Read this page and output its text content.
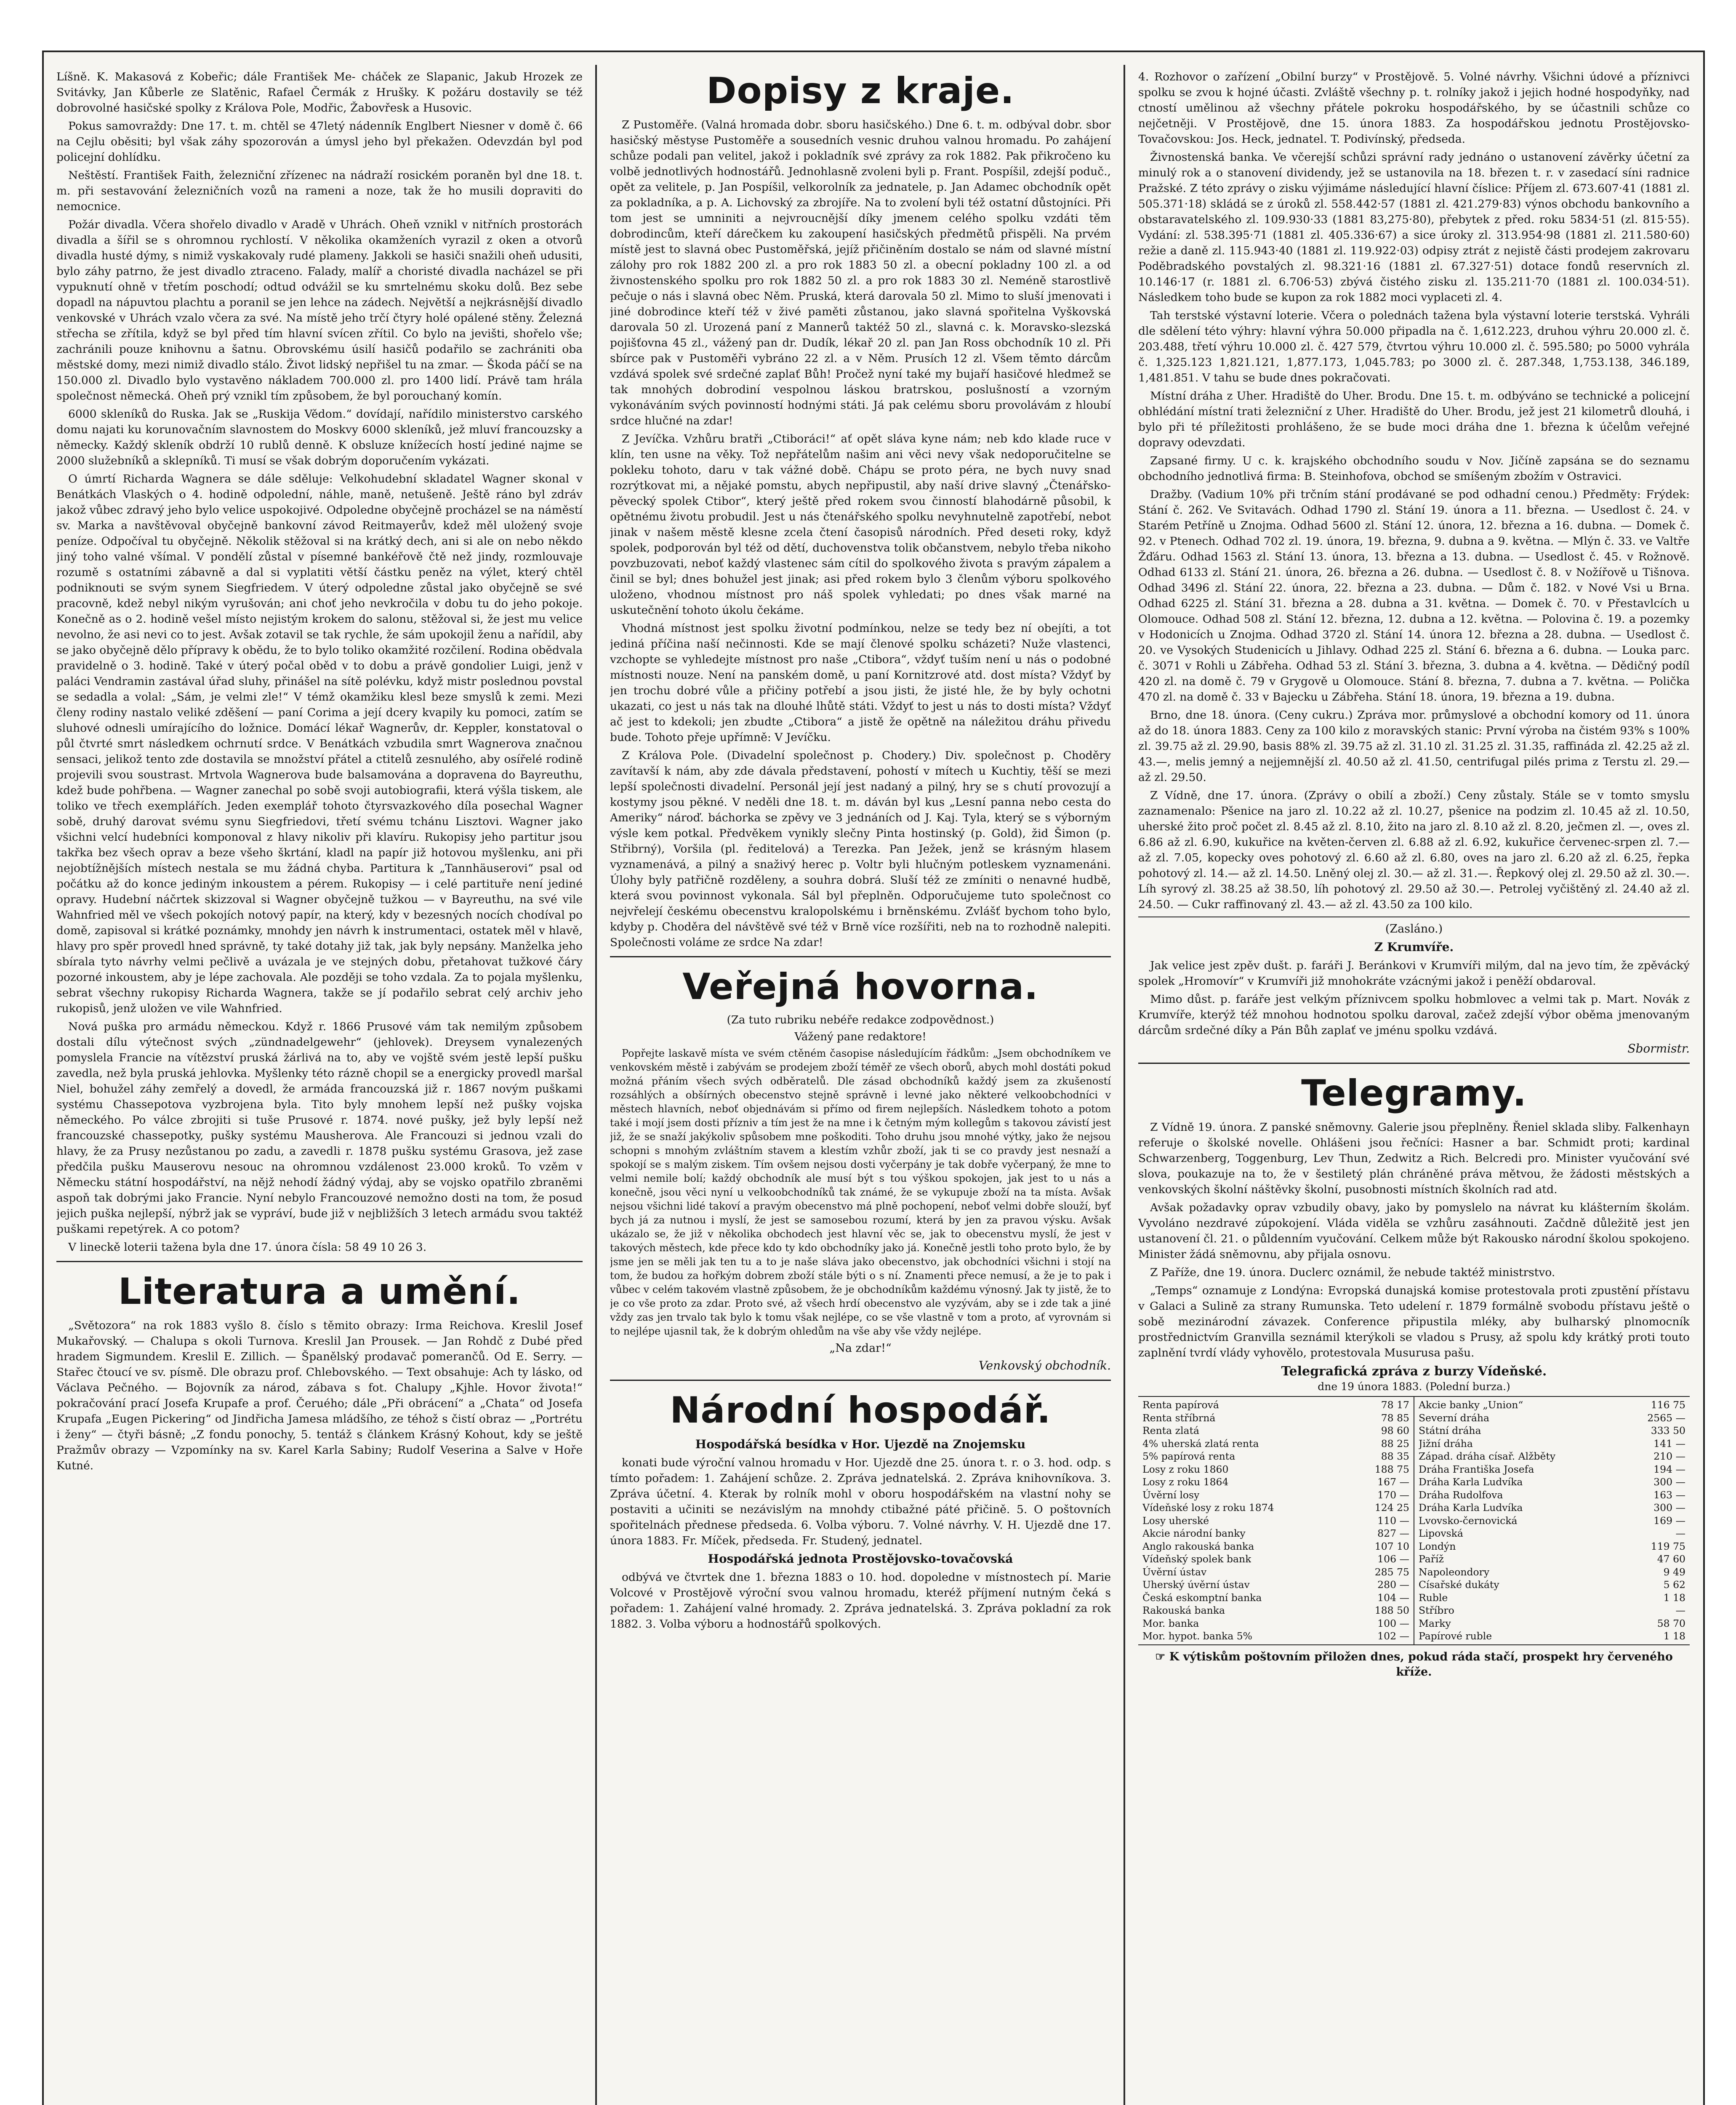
Líšně. K. Makasová z Kobeřic; dále František Me- cháček ze Slapanic, Jakub Hrozek ze Svitávky, Jan Kůberle ze Slatěnic, Rafael Čermák z Hrušky. K požáru dostavily se též dobrovolné hasičské spolky z Králova Pole, Modřic, Žabovřesk a Husovic.

Pokus samovraždy: Dne 17. t. m. chtěl se 47letý nádenník Englbert Niesner v domě č. 66 na Cejlu oběsiti; byl však záhy spozorován a úmysl jeho byl překažen. Odevzdán byl pod policejní dohlídku.

Neštěstí. František Faith, železniční zřízenec na nádraží rosickém poraněn byl dne 18. t. m. při sestavování železničních vozů na rameni a noze, tak že ho musili dopraviti do nemocnice.

Požár divadla. Včera shořelo divadlo v Aradě v Uhrách. Oheň vznikl v nitřních prostorách divadla a šířil se s ohromnou rychlostí. V několika okamženích vyrazil z oken a otvorů divadla husté dýmy, s nimiž vyskakovaly rudé plameny. Jakkoli se hasiči snažili oheň udusiti, bylo záhy patrno, že jest divadlo ztraceno. Falady, malíř a choristé divadla nacházel se při vypuknutí ohně v třetím poschodí; odtud odvážil se ku smrtelnému skoku dolů. Bez sebe dopadl na nápuvtou plachtu a poranil se jen lehce na zádech. Největší a nejkrásnější divadlo venkovské v Uhrách vzalo včera za své. Na místě jeho trčí čtyry holé opálené stěny. Železná střecha se zřítila, když se byl před tím hlavní svícen zřítil. Co bylo na jevišti, shořelo vše; zachránili pouze knihovnu a šatnu. Obrovskému úsilí hasičů podařilo se zachrániti oba městské domy, mezi nimiž divadlo stálo. Život lidský nepřišel tu na zmar. — Škoda páčí se na 150.000 zl. Divadlo bylo vystavěno nákladem 700.000 zl. pro 1400 lidí. Právě tam hrála společnost německá. Oheň prý vznikl tím způsobem, že byl porouchaný komín.

6000 skleníků do Ruska. Jak se „Ruskija Vědom.“ dovídají, nařídilo ministerstvo carského domu najati ku korunovačním slavnostem do Moskvy 6000 skleníků, jež mluví francouzsky a německy. Každý skleník obdrží 10 rublů denně. K obsluze knížecích hostí jediné najme se 2000 služebníků a sklepníků. Ti musí se však dobrým doporučením vykázati.

O úmrtí Richarda Wagnera se dále sděluje: Velkohudební skladatel Wagner skonal v Benátkách Vlaských o 4. hodině odpolední, náhle, maně, netušeně. Ještě ráno byl zdráv jakož vůbec zdravý jeho bylo velice uspokojivé. Odpoledne obyčejně procházel se na náměstí sv. Marka a navštěvoval obyčejně bankovní závod Reitmayerův, kdež měl uložený svoje peníze. Odpočíval tu obyčejně. Několik stěžoval si na krátký dech, ani si ale on nebo někdo jiný toho valné všímal. V pondělí zůstal v písemné bankéřově čtě než jindy, rozmlouvaje rozumě s ostatními zábavně a dal si vyplatiti větší částku peněz na výlet, který chtěl podniknouti se svým synem Siegfriedem. V úterý odpoledne zůstal jako obyčejně se své pracovně, kdež nebyl nikým vyrušován; ani choť jeho nevkročila v dobu tu do jeho pokoje. Konečně as o 2. hodině vešel místo nejistým krokem do salonu, stěžoval si, že jest mu velice nevolno, že asi nevi co to jest. Avšak zotavil se tak rychle, že sám upokojil ženu a nařídil, aby se jako obyčejně dělo přípravy k obědu, že to bylo toliko okamžité rozčilení. Rodina obědvala pravidelně o 3. hodině. Také v úterý počal oběd v to dobu a právě gondolier Luigi, jenž v paláci Vendramin zastával úřad sluhy, přinášel na sítě polévku, když mistr poslednou povstal se sedadla a volal: „Sám, je velmi zle!“ V témž okamžiku klesl beze smyslů k zemi. Mezi členy rodiny nastalo veliké zděšení — paní Corima a její dcery kvapily ku pomoci, zatím se sluhové odnesli umírajícího do ložnice. Domácí lékař Wagnerův, dr. Keppler, konstatoval o půl čtvrté smrt následkem ochrnutí srdce. V Benátkách vzbudila smrt Wagnerova značnou sensaci, jelikož tento zde dostavila se množství přátel a ctitelů zesnulého, aby osířelé rodině projevili svou soustrast. Mrtvola Wagnerova bude balsamována a dopravena do Bayreuthu, kdež bude pohřbena. — Wagner zanechal po sobě svoji autobiografii, která výšla tiskem, ale toliko ve třech exemplářích. Jeden exemplář tohoto čtyrsvazkového díla posechal Wagner sobě, druhý darovat svému synu Siegfriedovi, třetí svému tchánu Lisztovi. Wagner jako všichni velcí hudebníci komponoval z hlavy nikoliv při klavíru. Rukopisy jeho partitur jsou takřka bez všech oprav a beze všeho škrtání, kladl na papír již hotovou myšlenku, ani při nejobtížnějších místech nestala se mu žádná chyba. Partitura k „Tannhäuserovi“ psal od počátku až do konce jediným inkoustem a pérem. Rukopisy — i celé partituře není jediné opravy. Hudební náčrtek skizzoval si Wagner obyčejně tužkou — v Bayreuthu, na své vile Wahnfried měl ve všech pokojích notový papír, na který, kdy v bezesných nocích chodíval po domě, zapisoval si krátké poznámky, mnohdy jen návrh k instrumentaci, ostatek měl v hlavě, hlavy pro spěr provedl hned správně, ty také dotahy již tak, jak byly nepsány. Manželka jeho sbírala tyto návrhy velmi pečlivě a uvázala je ve stejných dobu, přetahovat tužkové čáry pozorné inkoustem, aby je lépe zachovala. Ale později se toho vzdala. Za to pojala myšlenku, sebrat všechny rukopisy Richarda Wagnera, takže se jí podařilo sebrat celý archiv jeho rukopisů, jenž uložen ve vile Wahnfried.

Nová puška pro armádu německou. Když r. 1866 Prusové vám tak nemilým způsobem dostali dílu výtečnost svých „zündnadelgewehr“ (jehlovek). Dreysem vynalezených pomyslela Francie na vítězství pruská žárlivá na to, aby ve vojště svém jestě lepší pušku zavedla, než byla pruská jehlovka. Myšlenky této rázně chopil se a energicky provedl maršal Niel, bohužel záhy zemřelý a dovedl, že armáda francouzská již r. 1867 novým puškami systému Chassepotova vyzbrojena byla. Tito byly mnohem lepší než pušky vojska německého. Po válce zbrojiti si tuše Prusové r. 1874. nové pušky, jež byly lepší než francouzské chassepotky, pušky systému Mausherova. Ale Francouzi si jednou vzali do hlavy, že za Prusy nezůstanou po zadu, a zavedli r. 1878 pušku systému Grasova, jež zase předčila pušku Mauserovu nesouc na ohromnou vzdálenost 23.000 kroků. To vzěm v Německu státní hospodářství, na nějž nehodí žádný výdaj, aby se vojsko opatřilo zbraněmi aspoň tak dobrými jako Francie. Nyní nebylo Francouzové nemožno dosti na tom, že posud jejich puška nejlepší, nýbrž jak se vypráví, bude již v nejbližších 3 letech armádu svou taktéž puškami repetýrek. A co potom?

V lineckě loterii tažena byla dne 17. února čísla: 58 49 10 26 3.

Literatura a umění.

„Světozora“ na rok 1883 vyšlo 8. číslo s těmito obrazy: Irma Reichova. Kreslil Josef Mukařovský. — Chalupa s okoli Turnova. Kreslil Jan Prousek. — Jan Rohdč z Dubé před hradem Sigmundem. Kreslil E. Zillich. — Španělský prodavač pomerančů. Od E. Serry. — Stařec čtoucí ve sv. písmě. Dle obrazu prof. Chlebovského. — Text obsahuje: Ach ty lásko, od Václava Pečného. — Bojovník za národ, zábava s fot. Chalupy „Kjhle. Hovor života!“ pokračování prací Josefa Krupafe a prof. Čeruého; dále „Při obrácení“ a „Chata“ od Josefa Krupafa „Eugen Pickering“ od Jindřicha Jamesa mládšího, ze téhož s čistí obraz — „Portrétu i ženy“ — čtyři básně; „Z fondu ponochy, 5. tentáž s článkem Krásný Kohout, kdy se ještě Pražmův obrazy — Vzpomínky na sv. Karel Karla Sabiny; Rudolf Veserina a Salve v Hoře Kutné.

Dopisy z kraje.

Z Pustoměře. (Valná hromada dobr. sboru hasičského.) Dne 6. t. m. odbýval dobr. sbor hasičský městyse Pustoměře a sousedních vesnic druhou valnou hromadu. Po zahájení schůze podali pan velitel, jakož i pokladník své zprávy za rok 1882. Pak přikročeno ku volbě jednotlivých hodnostářů. Jednohlasně zvoleni byli p. Frant. Pospíšil, zdejší poduč., opět za velitele, p. Jan Pospíšil, velkorolník za jednatele, p. Jan Adamec obchodník opět za pokladníka, a p. A. Lichovský za zbrojíře. Na to zvolení byli též ostatní důstojníci. Při tom jest se umniniti a nejvroucnější díky jmenem celého spolku vzdáti těm dobrodincům, kteří dárečkem ku zakoupení hasičských předmětů přispěli. Na prvém místě jest to slavná obec Pustoměřská, jejíž přičiněním dostalo se nám od slavné místní zálohy pro rok 1882 200 zl. a pro rok 1883 50 zl. a obecní pokladny 100 zl. a od živnostenského spolku pro rok 1882 50 zl. a pro rok 1883 30 zl. Neméně starostlivě pečuje o nás i slavná obec Něm. Pruská, která darovala 50 zl. Mimo to sluší jmenovati i jiné dobrodince kteří též v živé paměti zůstanou, jako slavná spořitelna Vyškovská darovala 50 zl. Urozená paní z Mannerů taktéž 50 zl., slavná c. k. Moravsko-slezská pojišťovna 45 zl., vážený pan dr. Dudík, lékař 20 zl. pan Jan Ross obchodník 10 zl. Při sbírce pak v Pustoměři vybráno 22 zl. a v Něm. Prusích 12 zl. Všem těmto dárcům vzdává spolek své srdečné zaplať Bůh! Pročež nyní také my bujaří hasičové hledmež se tak mnohých dobrodiní vespolnou láskou bratrskou, poslušností a vzorným vykonáváním svých povinností hodnými státi. Já pak celému sboru provolávám z hloubí srdce hlučné na zdar!

Z Jevíčka. Vzhůru bratři „Ctiboráci!“ ať opět sláva kyne nám; neb kdo klade ruce v klín, ten usne na věky. Tož nepřátelům našim ani věci nevy však nedoporučitelne se pokleku tohoto, daru v tak vážné době. Chápu se proto péra, ne bych nuvy snad rozrýtkovat mi, a nějaké pomstu, abych nepřipustil, aby naší drive slavný „Čtenářsko-pěvecký spolek Ctibor“, který ještě před rokem svou činností blahodárně působil, k opětnému životu probudil. Jest u nás čtenářského spolku nevyhnutelně zapotřebí, nebot jinak v našem městě klesne zcela čtení časopisů národních. Před deseti roky, když spolek, podporován byl též od dětí, duchovenstva tolik občanstvem, nebylo třeba nikoho povzbuzovati, neboť každý vlastenec sám cítil do spolkového života s pravým zápalem a činil se byl; dnes bohužel jest jinak; asi před rokem bylo 3 členům výboru spolkového uloženo, vhodnou místnost pro náš spolek vyhledati; po dnes však marné na uskutečnění tohoto úkolu čekáme.

Vhodná místnost jest spolku životní podmínkou, nelze se tedy bez ní obejíti, a tot jediná příčina naší nečinnosti. Kde se mají členové spolku scházeti? Nuže vlastenci, vzchopte se vyhledejte místnost pro naše „Ctibora“, vždyť tuším není u nás o podobné místnosti nouze. Není na panském domě, u paní Kornitzrové atd. dost místa? Vždyť by jen trochu dobré vůle a přičiny potřebí a jsou jisti, že jisté hle, že by byly ochotni ukazati, co jest u nás tak na dlouhé lhůtě státi. Vždyť to jest u nás to dosti místa? Vždyť ač jest to kdekoli; jen zbudte „Ctibora“ a jistě že opětně na náležitou dráhu přivedu bude. Tohoto přeje upřímně: V Jevíčku.

Z Králova Pole. (Divadelní společnost p. Chodery.) Div. společnost p. Choděry zavítavší k nám, aby zde dávala představení, pohostí v mítech u Kuchtiy, těší se mezi lepší společnosti divadelní. Personál její jest nadaný a pilný, hry se s chutí provozují a kostymy jsou pěkné. V neděli dne 18. t. m. dáván byl kus „Lesní panna nebo cesta do Ameriky“ nároď. báchorka se zpěvy ve 3 jednáních od J. Kaj. Tyla, který se s výborným výsle kem potkal. Předvěkem vynikly slečny Pinta hostinský (p. Gold), žid Šimon (p. Střibrný), Voršila (pl. ředitelová) a Terezka. Pan Ježek, jenž se krásným hlasem vyznamenává, a pilný a snaživý herec p. Voltr byli hlučným potleskem vyznamenáni. Úlohy byly patřičně rozděleny, a souhra dobrá. Sluší též ze zmíniti o nenavné hudbě, která svou povinnost vykonala. Sál byl přeplněn. Odporučujeme tuto společnost co nejvřelejí českému obecenstvu kralopolskému i brněnskému. Zvlášť bychom toho bylo, kdyby p. Choděra del návštěvě své též v Brně více rozšířiti, neb na to rozhodně nalepiti. Společnosti voláme ze srdce Na zdar!

Veřejná hovorna.
(Za tuto rubriku nebéře redakce zodpovědnost.)
Vážený pane redaktore!

Popřejte laskavě místa ve svém ctěném časopise následujícím řádkům: „Jsem obchodníkem ve venkovském městě i zabývám se prodejem zboží téměř ze všech oborů, abych mohl dostáti pokud možná přáním všech svých odběratelů. Dle zásad obchodníků každý jsem za zkušeností rozsáhlých a obšírných obecenstvo stejně správně i levné jako některé velkoobchodníci v městech hlavních, neboť objednávám si přímo od firem nejlepších. Následkem tohoto a potom také i mojí jsem dosti přízniv a tím jest že na mne i k četným mým kollegům s takovou závistí jest již, že se snaží jakýkoliv spůsobem mne poškoditi. Toho druhu jsou mnohé výtky, jako že nejsou schopni s mnohým zvláštním stavem a klestím vzhůr zboží, jak ti se co pravdy jest nesnaží a spokojí se s malým ziskem. Tím ovšem nejsou dosti vyčerpány je tak dobře vyčerpaný, že mne to velmi nemile bolí; každý obchodník ale musí být s tou výškou spokojen, jak jest to u nás a konečně, jsou věci nyní u velkoobchodníků tak známé, že se vykupuje zboží na ta místa. Avšak nejsou všichni lidé takoví a pravým obecenstvo má plně pochopení, neboť velmi dobře slouží, byť bych já za nutnou i myslí, že jest se samosebou rozumí, která by jen za pravou výsku. Avšak ukázalo se, že již v několika obchodech jest hlavní věc se, jak to obecenstvu myslí, že jest v takových městech, kde přece kdo ty kdo obchodníky jako já. Konečně jestli toho proto bylo, že by jsme jen se měli jak ten tu a to je naše sláva jako obecenstvo, jak obchodníci všichni i stojí na tom, že budou za hořkým dobrem zboží stále býti o s ní. Znamenti přece nemusí, a že je to pak i vůbec v celém takovém vlastně způsobem, že je obchodníkům každému výnosný. Jak ty jistě, že to je co vše proto za zdar. Proto své, až všech hrdí obecenstvo ale vyzývám, aby se i zde tak a jiné vždy zas jen trvalo tak bylo k tomu však nejlépe, co se vše vlastně v tom a proto, ať vyrovnám si to nejlépe ujasnil tak, že k dobrým ohledům na vše aby vše vždy nejlépe.

„Na zdar!“
Venkovský obchodník.
Národní hospodář.
Hospodářská besídka v Hor. Ujezdě na Znojemsku

konati bude výroční valnou hromadu v Hor. Ujezdě dne 25. února t. r. o 3. hod. odp. s tímto pořadem: 1. Zahájení schůze. 2. Zpráva jednatelská. 2. Zpráva knihovníkova. 3. Zpráva účetní. 4. Kterak by rolník mohl v oboru hospodářském na vlastní nohy se postaviti a učiniti se nezávislým na mnohdy ctibažné páté přičině. 5. O poštovních spořitelnách přednese předseda. 6. Volba výboru. 7. Volné návrhy. V. H. Ujezdě dne 17. února 1883. Fr. Míček, předseda. Fr. Studený, jednatel.

Hospodářská jednota Prostějovsko-tovačovská

odbývá ve čtvrtek dne 1. března 1883 o 10. hod. dopoledne v místnostech pí. Marie Volcové v Prostějově výroční svou valnou hromadu, kteréž příjmení nutným čeká s pořadem: 1. Zahájení valné hromady. 2. Zpráva jednatelská. 3. Zpráva pokladní za rok 1882. 3. Volba výboru a hodnostářů spolkových.

4. Rozhovor o zařízení „Obilní burzy“ v Prostějově. 5. Volné návrhy. Všichni údové a příznivci spolku se zvou k hojné účasti. Zvláště všechny p. t. rolníky jakož i jejich hodné hospodyňky, nad ctností umělinou až všechny přátele pokroku hospodářského, by se účastnili schůze co nejčetněji. V Prostějově, dne 15. února 1883. Za hospodářskou jednotu Prostějovsko-Tovačovskou: Jos. Heck, jednatel. T. Podivínský, předseda.

Živnostenská banka. Ve včerejší schůzi správní rady jednáno o ustanovení závěrky účetní za minulý rok a o stanovení dividendy, jež se ustanovila na 18. březen t. r. v zasedací síni radnice Pražské. Z této zprávy o zisku výjimáme následující hlavní číslice: Příjem zl. 673.607·41 (1881 zl. 505.371·18) skládá se z úroků zl. 558.442·57 (1881 zl. 421.279·83) výnos obchodu bankovního a obstaravatelského zl. 109.930·33 (1881 83,275·80), přebytek z před. roku 5834·51 (zl. 815·55). Vydání: zl. 538.395·71 (1881 zl. 405.336·67) a sice úroky zl. 313.954·98 (1881 zl. 211.580·60) režie a daně zl. 115.943·40 (1881 zl. 119.922·03) odpisy ztrát z nejistě části prodejem zakrovaru Poděbradského povstalých zl. 98.321·16 (1881 zl. 67.327·51) dotace fondů reservních zl. 10.146·17 (r. 1881 zl. 6.706·53) zbývá čistého zisku zl. 135.211·70 (1881 zl. 100.034·51). Následkem toho bude se kupon za rok 1882 moci vyplaceti zl. 4.

Tah terstské výstavní loterie. Včera o polednách tažena byla výstavní loterie terstská. Vyhráli dle sdělení této výhry: hlavní výhra 50.000 připadla na č. 1,612.223, druhou výhru 20.000 zl. č. 203.488, třetí výhru 10.000 zl. č. 427 579, čtvrtou výhru 10.000 zl. č. 595.580; po 5000 vyhrála č. 1,325.123 1,821.121, 1,877.173, 1,045.783; po 3000 zl. č. 287.348, 1,753.138, 346.189, 1,481.851. V tahu se bude dnes pokračovati.

Místní dráha z Uher. Hradiště do Uher. Brodu. Dne 15. t. m. odbýváno se technické a policejní obhlédání místní trati železniční z Uher. Hradiště do Uher. Brodu, jež jest 21 kilometrů dlouhá, i bylo při té příležitosti prohlášeno, že se bude moci dráha dne 1. března k účelům veřejné dopravy odevzdati.

Zapsané firmy. U c. k. krajského obchodního soudu v Nov. Jičíně zapsána se do seznamu obchodního jednotlivá firma: B. Steinhofova, obchod se smíšeným zbožím v Ostravici.

Dražby. (Vadium 10% při trčním stání prodávané se pod odhadní cenou.) Předměty: Frýdek: Stání č. 262. Ve Svitavách. Odhad 1790 zl. Stání 19. února a 11. března. — Usedlost č. 24. v Starém Petříně u Znojma. Odhad 5600 zl. Stání 12. února, 12. března a 16. dubna. — Domek č. 92. v Ptenech. Odhad 702 zl. 19. února, 19. března, 9. dubna a 9. května. — Mlýn č. 33. ve Valtře Žďáru. Odhad 1563 zl. Stání 13. února, 13. března a 13. dubna. — Usedlost č. 45. v Rožnově. Odhad 6133 zl. Stání 21. února, 26. března a 26. dubna. — Usedlost č. 8. v Nožířově u Tišnova. Odhad 3496 zl. Stání 22. února, 22. března a 23. dubna. — Dům č. 182. v Nové Vsi u Brna. Odhad 6225 zl. Stání 31. března a 28. dubna a 31. května. — Domek č. 70. v Přestavlcích u Olomouce. Odhad 508 zl. Stání 12. března, 12. dubna a 12. května. — Polovina č. 19. a pozemky v Hodonicích u Znojma. Odhad 3720 zl. Stání 14. února 12. března a 28. dubna. — Usedlost č. 20. ve Vysokých Studenicích u Jihlavy. Odhad 225 zl. Stání 6. března a 6. dubna. — Louka parc. č. 3071 v Rohli u Zábřeha. Odhad 53 zl. Stání 3. března, 3. dubna a 4. května. — Dědičný podíl 420 zl. na domě č. 79 v Grygově u Olomouce. Stání 8. března, 7. dubna a 7. května. — Polička 470 zl. na domě č. 33 v Bajecku u Zábřeha. Stání 18. února, 19. března a 19. dubna.

Brno, dne 18. února. (Ceny cukru.) Zpráva mor. průmyslové a obchodní komory od 11. února až do 18. února 1883. Ceny za 100 kilo z moravských stanic: První výroba na čistém 93% s 100% zl. 39.75 až zl. 29.90, basis 88% zl. 39.75 až zl. 31.10 zl. 31.25 zl. 31.35, raffináda zl. 42.25 až zl. 43.—, melis jemný a nejjemnější zl. 40.50 až zl. 41.50, centrifugal pilés prima z Terstu zl. 29.— až zl. 29.50.

Z Vídně, dne 17. února. (Zprávy o obilí a zboží.) Ceny zůstaly. Stále se v tomto smyslu zaznamenalo: Pšenice na jaro zl. 10.22 až zl. 10.27, pšenice na podzim zl. 10.45 až zl. 10.50, uherské žito proč počet zl. 8.45 až zl. 8.10, žito na jaro zl. 8.10 až zl. 8.20, ječmen zl. —, oves zl. 6.86 až zl. 6.90, kukuřice na květen-červen zl. 6.88 až zl. 6.92, kukuřice červenec-srpen zl. 7.— až zl. 7.05, kopecky oves pohotový zl. 6.60 až zl. 6.80, oves na jaro zl. 6.20 až zl. 6.25, řepka pohotový zl. 14.— až zl. 14.50. Lněný olej zl. 30.— až zl. 31.—. Řepkový olej zl. 29.50 až zl. 30.—. Líh syrový zl. 38.25 až 38.50, líh pohotový zl. 29.50 až 30.—. Petrolej vyčištěný zl. 24.40 až zl. 24.50. — Cukr raffinovaný zl. 43.— až zl. 43.50 za 100 kilo.

(Zasláno.)
Z Krumvíře.

Jak velice jest zpěv dušt. p. faráři J. Beránkovi v Krumvíři milým, dal na jevo tím, že zpěvácký spolek „Hromovír“ v Krumvíři již mnohokráte vzácnými jakož i peněží obdaroval.

Mimo důst. p. faráře jest velkým příznivcem spolku hobmlovec a velmi tak p. Mart. Novák z Krumvíře, kterýž též mnohou hodnotou spolku daroval, začež zdejší výbor oběma jmenovaným dárcům srdečné díky a Pán Bůh zaplať ve jménu spolku vzdává.

Sbormistr.
Telegramy.

Z Vídně 19. února. Z panské sněmovny. Galerie jsou přeplněny. Řeniel sklada sliby. Falkenhayn referuje o školské novelle. Ohlášeni jsou řečníci: Hasner a bar. Schmidt proti; kardinal Schwarzenberg, Toggenburg, Lev Thun, Zedwitz a Rich. Belcredi pro. Minister vyučování své slova, poukazuje na to, že v šestiletý plán chráněné práva mětvou, že žádosti městských a venkovských školní náštěvky školní, pusobnosti místních školních rad atd.

Avšak požadavky oprav vzbudily obavy, jako by pomyslelo na návrat ku klášterním školám. Vyvoláno nezdravé zúpokojení. Vláda viděla se vzhůru zasáhnouti. Začdně důležitě jest jen ustanovení čl. 21. o půldenním vyučování. Celkem může být Rakousko národní školou spokojeno. Minister žádá sněmovnu, aby přijala osnovu.

Z Paříže, dne 19. února. Duclerc oznámil, že nebude taktéž ministrstvo.

„Temps“ oznamuje z Londýna: Evropská dunajská komise protestovala proti zpustění přístavu v Galaci a Sulině za strany Rumunska. Teto udelení r. 1879 formálně svobodu přístavu ještě o sobě mezinárodní závazek. Conference připustila mléky, aby bulharský plnomocník prostřednictvím Granvilla seznámil kterýkoli se vladou s Prusy, až spolu kdy krátký proti touto zaplnění tvrdí vlády vyhovělo, protestovala Musurusa pašu.

Telegrafická zpráva z burzy Vídeňské.
dne 19 února 1883. (Polední burza.)
Renta papírová	78 17
Renta stříbrná	78 85
Renta zlatá	98 60
4% uherská zlatá renta	88 25
5% papírová renta	88 35
Losy z roku 1860	188 75
Losy z roku 1864	167 —
Úvěrní losy	170 —
Vídeňské losy z roku 1874	124 25
Losy uherské	110 —
Akcie národní banky	827 —
Anglo rakouská banka	107 10
Vídeňský spolek bank	106 —
Úvěrní ústav	285 75
Uherský úvěrní ústav	280 —
Česká eskomptní banka	104 —
Rakouská banka	188 50
Mor. banka	100 —
Mor. hypot. banka 5%	102 —
Akcie banky „Union“	116 75
Severní dráha	2565 —
Státní dráha	333 50
Jižní dráha	141 —
Západ. dráha císař. Alžběty	210 —
Dráha Františka Josefa	194 —
Dráha Karla Ludvíka	300 —
Dráha Rudolfova	163 —
Dráha Karla Ludvíka	300 —
Lvovsko-černovická	169 —
Lipovská	—
Londýn	119 75
Paříž	47 60
Napoleondory	9 49
Císařské dukáty	5 62
Ruble	1 18
Stříbro	—
Marky	58 70
Papírové ruble	1 18
☞ K výtiskům poštovním přiložen dnes, pokud ráda stačí, prospekt hry červeného kříže.
